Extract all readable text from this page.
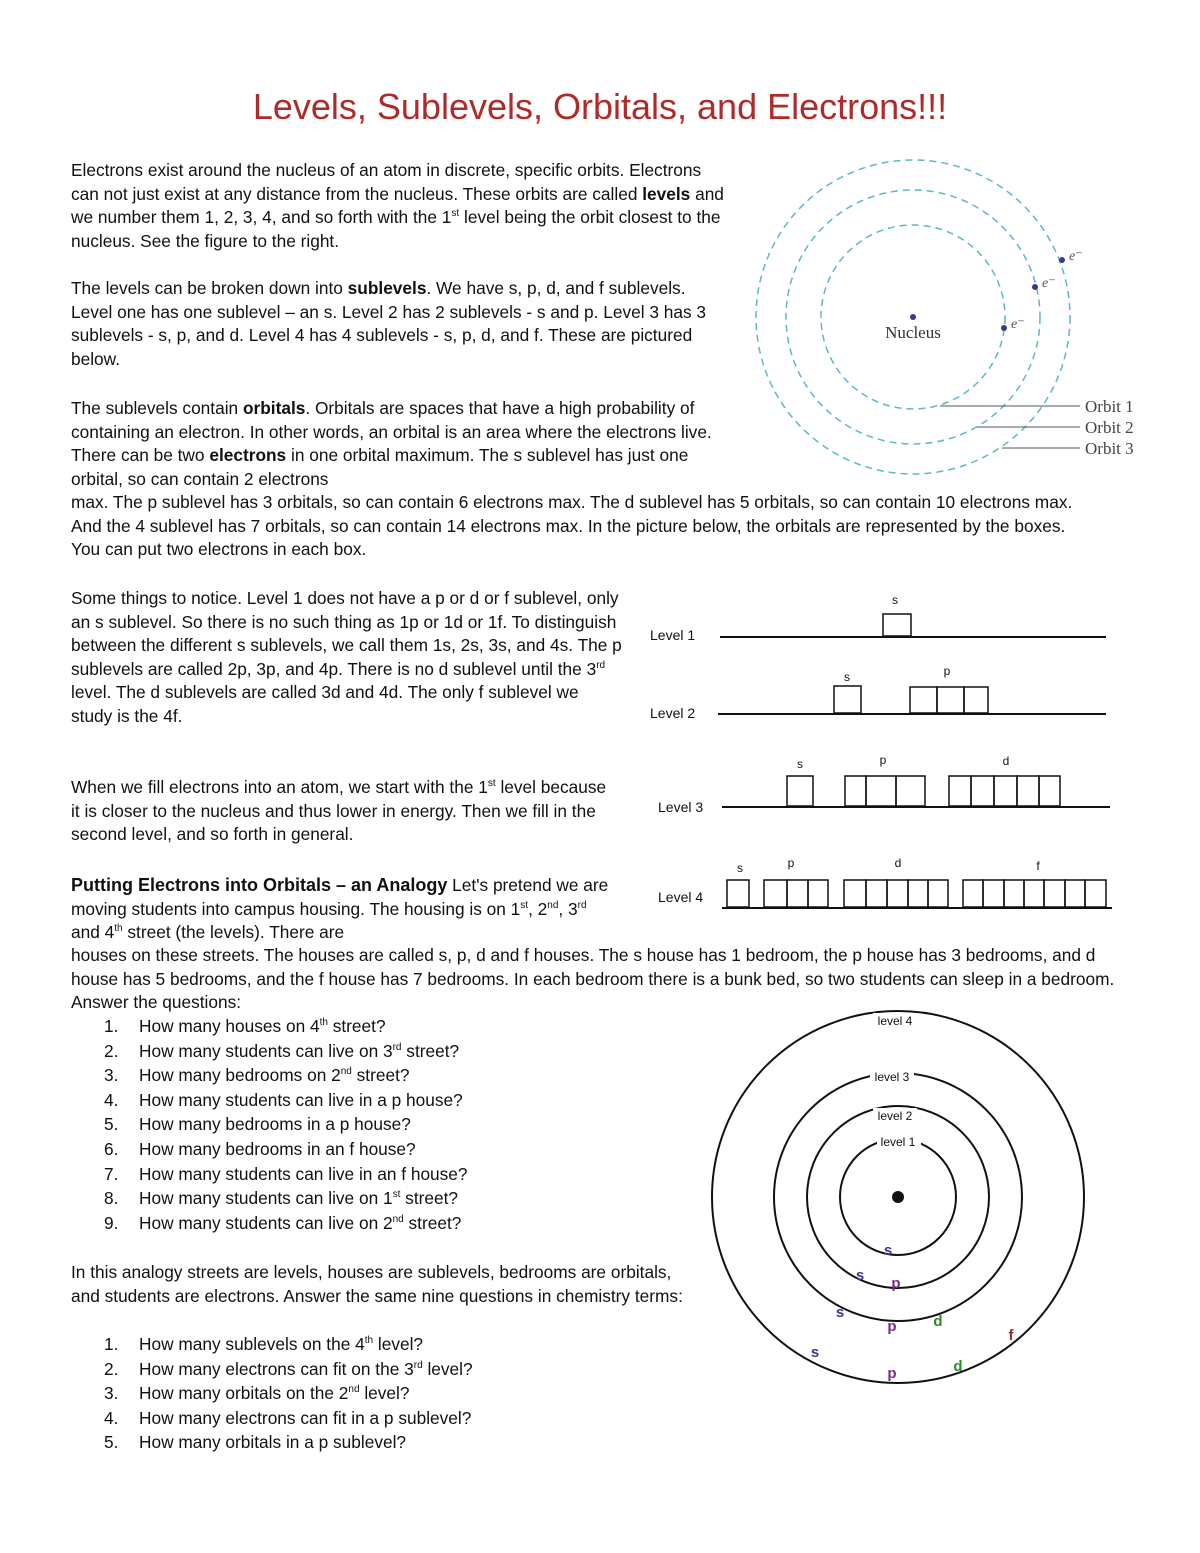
Levels, Sublevels, Orbitals, and Electrons!!!

Electrons exist around the nucleus of an atom in discrete, specific orbits. Electrons can not just exist at any distance from the nucleus. These orbits are called levels and we number them 1, 2, 3, 4, and so forth with the 1st level being the orbit closest to the nucleus. See the figure to the right.

The levels can be broken down into sublevels. We have s, p, d, and f sublevels. Level one has one sublevel – an s. Level 2 has 2 sublevels - s and p. Level 3 has 3 sublevels - s, p, and d. Level 4 has 4 sublevels - s, p, d, and f. These are pictured below.

The sublevels contain orbitals. Orbitals are spaces that have a high probability of containing an electron. In other words, an orbital is an area where the electrons live. There can be two electrons in one orbital maximum. The s sublevel has just one orbital, so can contain 2 electrons

max. The p sublevel has 3 orbitals, so can contain 6 electrons max. The d sublevel has 5 orbitals, so can contain 10 electrons max. And the 4 sublevel has 7 orbitals, so can contain 14 electrons max. In the picture below, the orbitals are represented by the boxes. You can put two electrons in each box.

Some things to notice. Level 1 does not have a p or d or f sublevel, only an s sublevel. So there is no such thing as 1p or 1d or 1f. To distinguish between the different s sublevels, we call them 1s, 2s, 3s, and 4s. The p sublevels are called 2p, 3p, and 4p. There is no d sublevel until the 3rd level. The d sublevels are called 3d and 4d. The only f sublevel we study is the 4f.

When we fill electrons into an atom, we start with the 1st level because it is closer to the nucleus and thus lower in energy. Then we fill in the second level, and so forth in general.

Putting Electrons into Orbitals – an Analogy Let's pretend we are moving students into campus housing. The housing is on 1st, 2nd, 3rd and 4th street (the levels). There are

houses on these streets. The houses are called s, p, d and f houses. The s house has 1 bedroom, the p house has 3 bedrooms, and d house has 5 bedrooms, and the f house has 7 bedrooms. In each bedroom there is a bunk bed, so two students can sleep in a bedroom. Answer the questions:

1. How many houses on 4th street?
2. How many students can live on 3rd street?
3. How many bedrooms on 2nd street?
4. How many students can live in a p house?
5. How many bedrooms in a p house?
6. How many bedrooms in an f house?
7. How many students can live in an f house?
8. How many students can live on 1st street?
9. How many students can live on 2nd street?

In this analogy streets are levels, houses are sublevels, bedrooms are orbitals, and students are electrons. Answer the same nine questions in chemistry terms:

1. How many sublevels on the 4th level?
2. How many electrons can fit on the 3rd level?
3. How many orbitals on the 2nd level?
4. How many electrons can fit in a p sublevel?
5. How many orbitals in a p sublevel?
Nucleus
e⁻
e⁻
e⁻
Orbit 1
Orbit 2
Orbit 3
Level 1
Level 2
Level 3
Level 4
s
s	p
s	p	d
s	p	d	f
level 4
level 3
level 2
level 1
s
s p
s
p d
s
p	d
f
